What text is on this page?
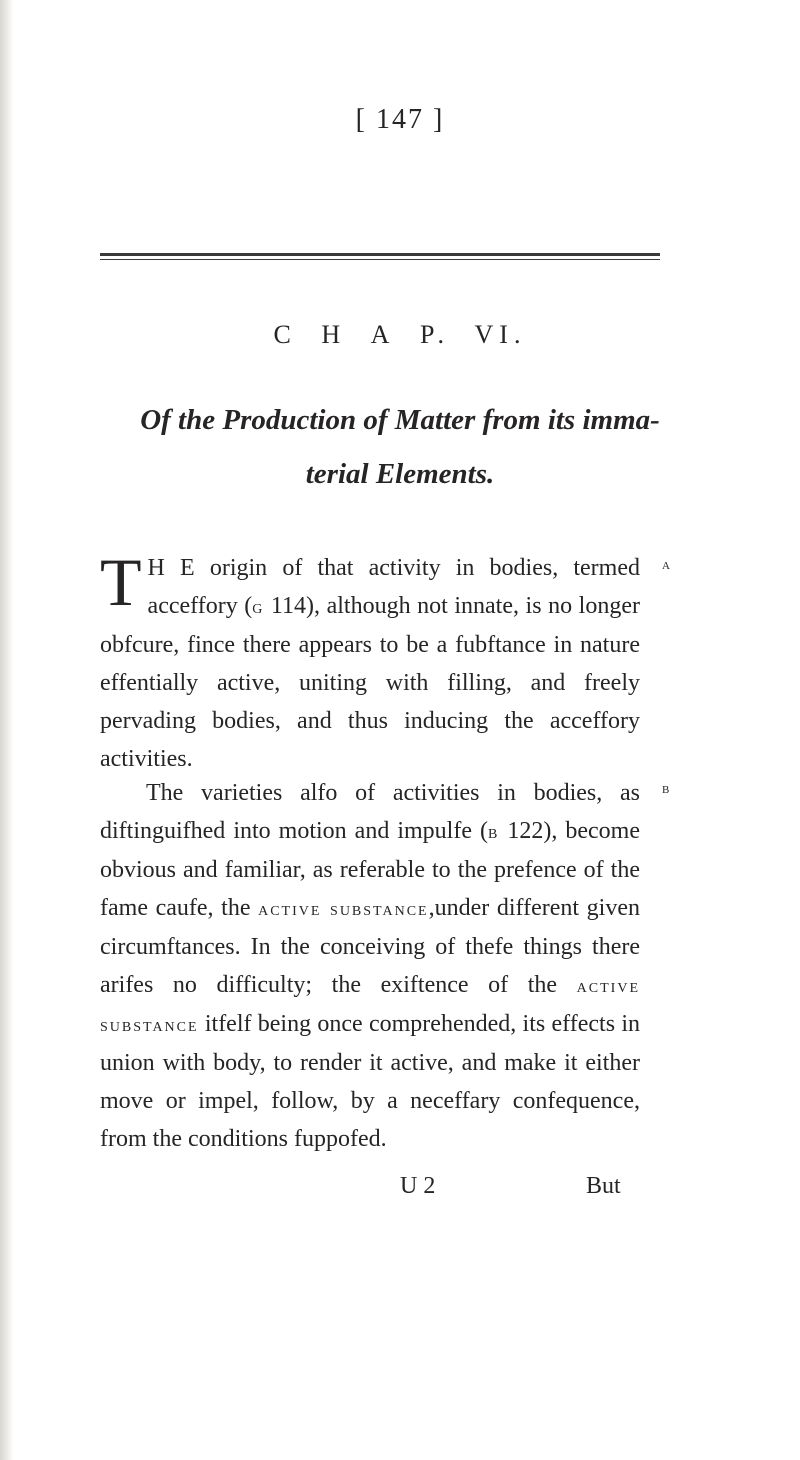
[ 147 ]
C H A P. VI.
Of the Production of Matter from its imma-
terial Elements.
T H E origin of that activity in bodies, termed acceffory (g 114), although not innate, is no longer obfcure, fince there appears to be a fubftance in nature effentially active, uniting with filling, and freely pervading bodies, and thus inducing the acceffory activities.
The varieties alfo of activities in bodies, as diftinguifhed into motion and impulfe (b 122), become obvious and familiar, as referable to the prefence of the fame caufe, the active substance,under different given circumftances. In the conceiving of thefe things there arifes no difficulty; the exiftence of the active substance itfelf being once comprehended, its effects in union with body, to render it active, and make it either move or impel, follow, by a neceffary confequence, from the conditions fuppofed.
a
b
U 2	But
